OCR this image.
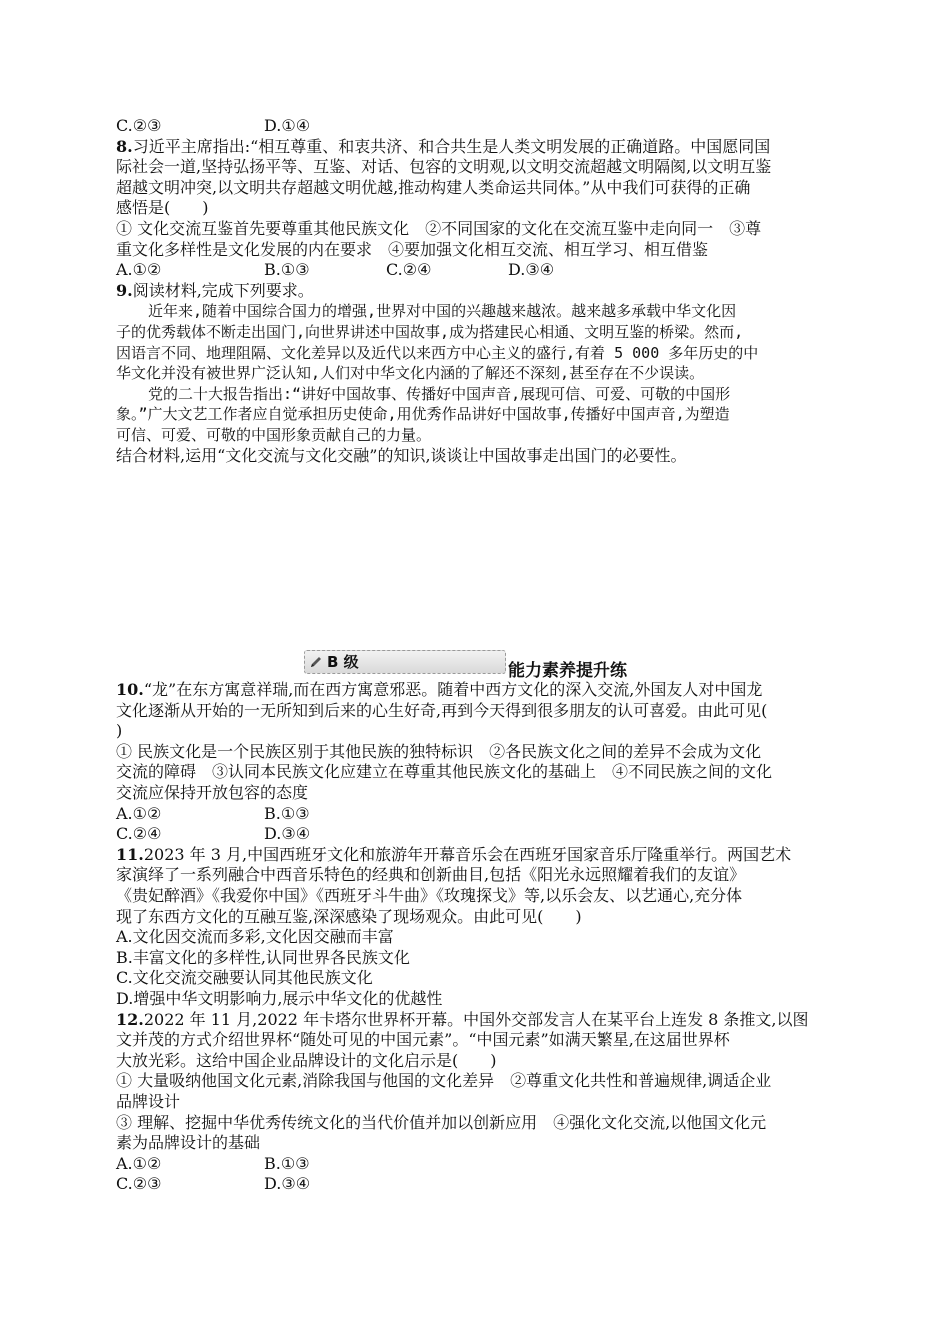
C.②③	D.①④
8.习近平主席指出:“相互尊重、和衷共济、和合共生是人类文明发展的正确道路。中国愿同国
际社会一道,坚持弘扬平等、互鉴、对话、包容的文明观,以文明交流超越文明隔阂,以文明互鉴
超越文明冲突,以文明共存超越文明优越,推动构建人类命运共同体。”从中我们可获得的正确
感悟是(　　)
① 文化交流互鉴首先要尊重其他民族文化　②不同国家的文化在交流互鉴中走向同一　③尊
重文化多样性是文化发展的内在要求　④要加强文化相互交流、相互学习、相互借鉴
A.①②	B.①③	C.②④	D.③④
9.阅读材料,完成下列要求。
近年来,随着中国综合国力的增强,世界对中国的兴趣越来越浓。越来越多承载中华文化因
子的优秀载体不断走出国门,向世界讲述中国故事,成为搭建民心相通、文明互鉴的桥梁。然而,
因语言不同、地理阻隔、文化差异以及近代以来西方中心主义的盛行,有着 5 000 多年历史的中
华文化并没有被世界广泛认知,人们对中华文化内涵的了解还不深刻,甚至存在不少误读。
党的二十大报告指出:“讲好中国故事、传播好中国声音,展现可信、可爱、可敬的中国形
象。”广大文艺工作者应自觉承担历史使命,用优秀作品讲好中国故事,传播好中国声音,为塑造
可信、可爱、可敬的中国形象贡献自己的力量。
结合材料,运用“文化交流与文化交融”的知识,谈谈让中国故事走出国门的必要性。
B 级	能力素养提升练
10.“龙”在东方寓意祥瑞,而在西方寓意邪恶。随着中西方文化的深入交流,外国友人对中国龙
文化逐渐从开始的一无所知到后来的心生好奇,再到今天得到很多朋友的认可喜爱。由此可见(
)
① 民族文化是一个民族区别于其他民族的独特标识　②各民族文化之间的差异不会成为文化
交流的障碍　③认同本民族文化应建立在尊重其他民族文化的基础上　④不同民族之间的文化
交流应保持开放包容的态度
A.①②	B.①③
C.②④	D.③④
11.2023 年 3 月,中国西班牙文化和旅游年开幕音乐会在西班牙国家音乐厅隆重举行。两国艺术
家演绎了一系列融合中西音乐特色的经典和创新曲目,包括《阳光永远照耀着我们的友谊》
《贵妃醉酒》《我爱你中国》《西班牙斗牛曲》《玫瑰探戈》等,以乐会友、以艺通心,充分体
现了东西方文化的互融互鉴,深深感染了现场观众。由此可见(　　)
A.文化因交流而多彩,文化因交融而丰富
B.丰富文化的多样性,认同世界各民族文化
C.文化交流交融要认同其他民族文化
D.增强中华文明影响力,展示中华文化的优越性
12.2022 年 11 月,2022 年卡塔尔世界杯开幕。中国外交部发言人在某平台上连发 8 条推文,以图
文并茂的方式介绍世界杯“随处可见的中国元素”。“中国元素”如满天繁星,在这届世界杯
大放光彩。这给中国企业品牌设计的文化启示是(　　)
① 大量吸纳他国文化元素,消除我国与他国的文化差异　②尊重文化共性和普遍规律,调适企业
品牌设计
③ 理解、挖掘中华优秀传统文化的当代价值并加以创新应用　④强化文化交流,以他国文化元
素为品牌设计的基础
A.①②	B.①③
C.②③	D.③④
